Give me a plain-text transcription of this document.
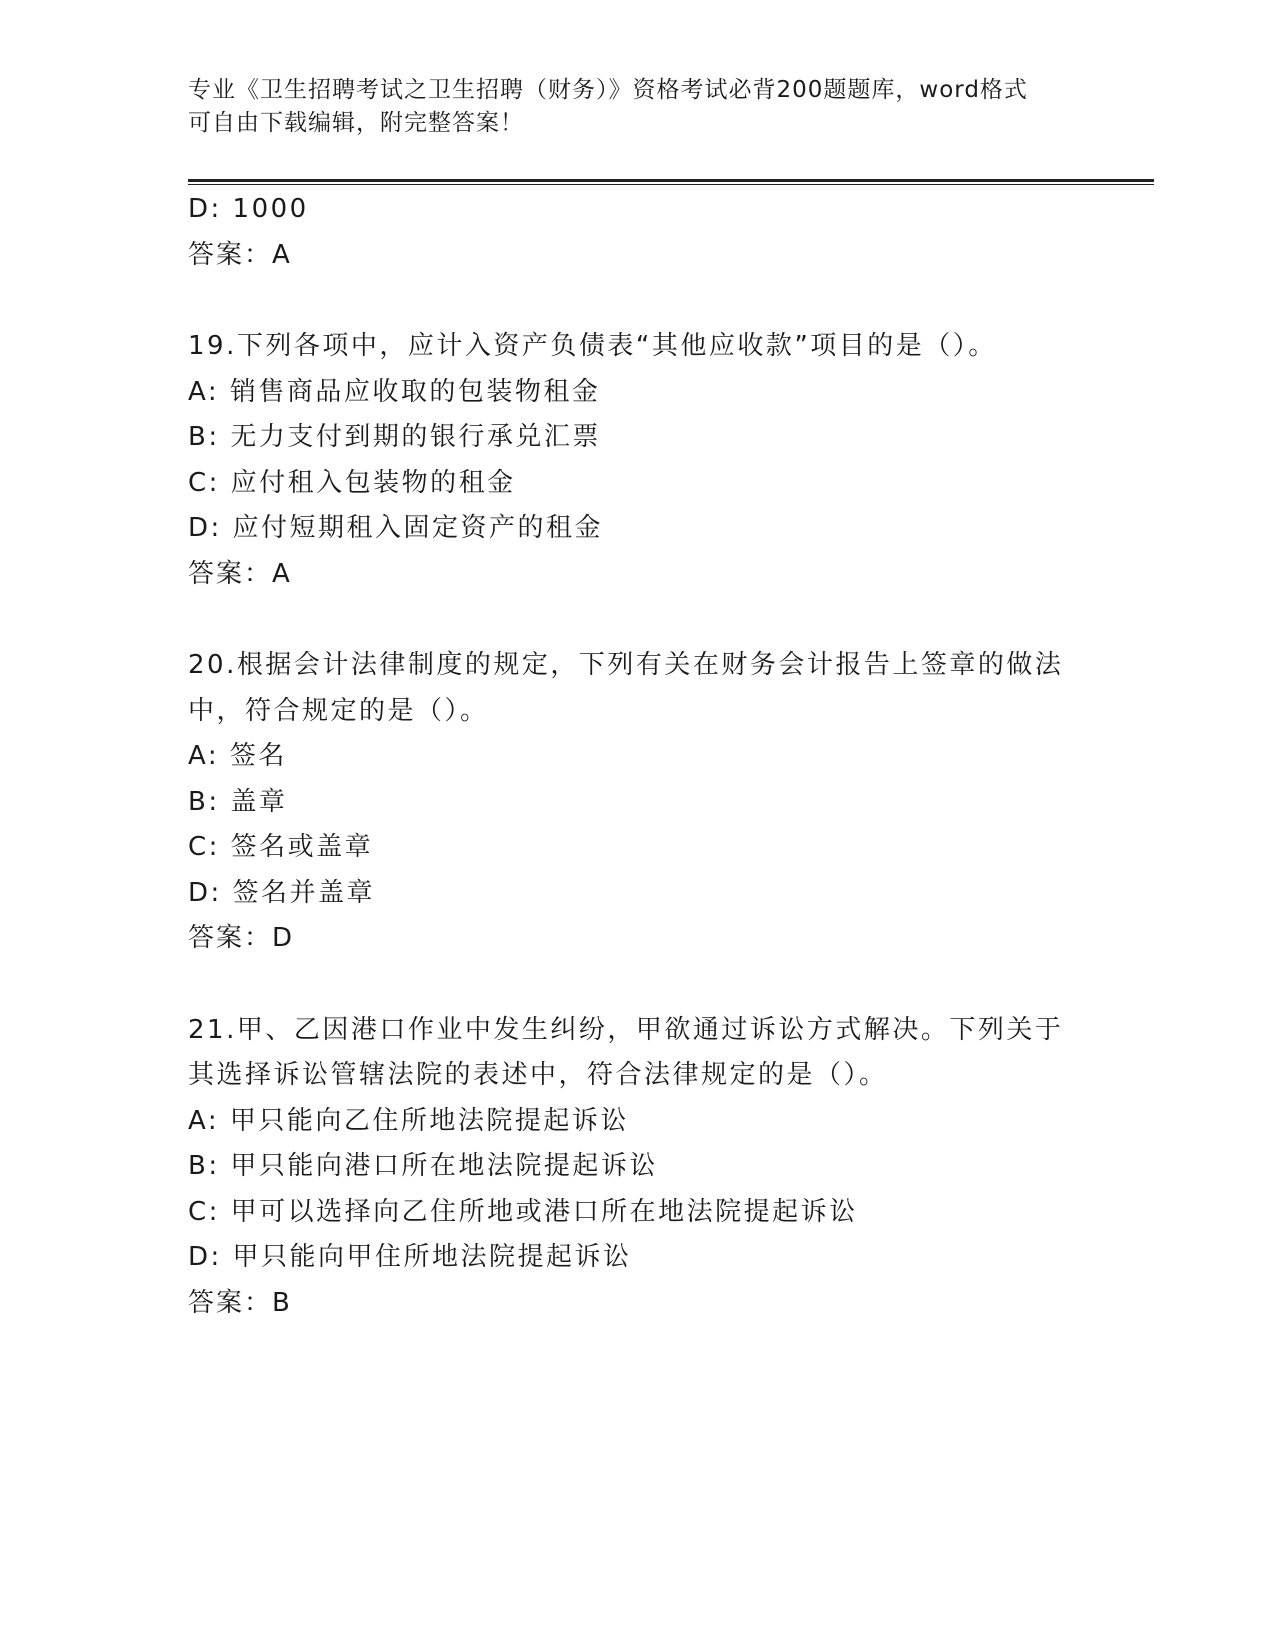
专业《卫生招聘考试之卫生招聘（财务）》资格考试必背200题题库，word格式
可自由下载编辑，附完整答案！
D: 1000
答案：A
19.下列各项中，应计入资产负债表“其他应收款”项目的是（）。
A: 销售商品应收取的包装物租金
B: 无力支付到期的银行承兑汇票
C: 应付租入包装物的租金
D: 应付短期租入固定资产的租金
答案：A
20.根据会计法律制度的规定，下列有关在财务会计报告上签章的做法
中，符合规定的是（）。
A: 签名
B: 盖章
C: 签名或盖章
D: 签名并盖章
答案：D
21.甲、乙因港口作业中发生纠纷，甲欲通过诉讼方式解决。下列关于
其选择诉讼管辖法院的表述中，符合法律规定的是（）。
A: 甲只能向乙住所地法院提起诉讼
B: 甲只能向港口所在地法院提起诉讼
C: 甲可以选择向乙住所地或港口所在地法院提起诉讼
D: 甲只能向甲住所地法院提起诉讼
答案：B
